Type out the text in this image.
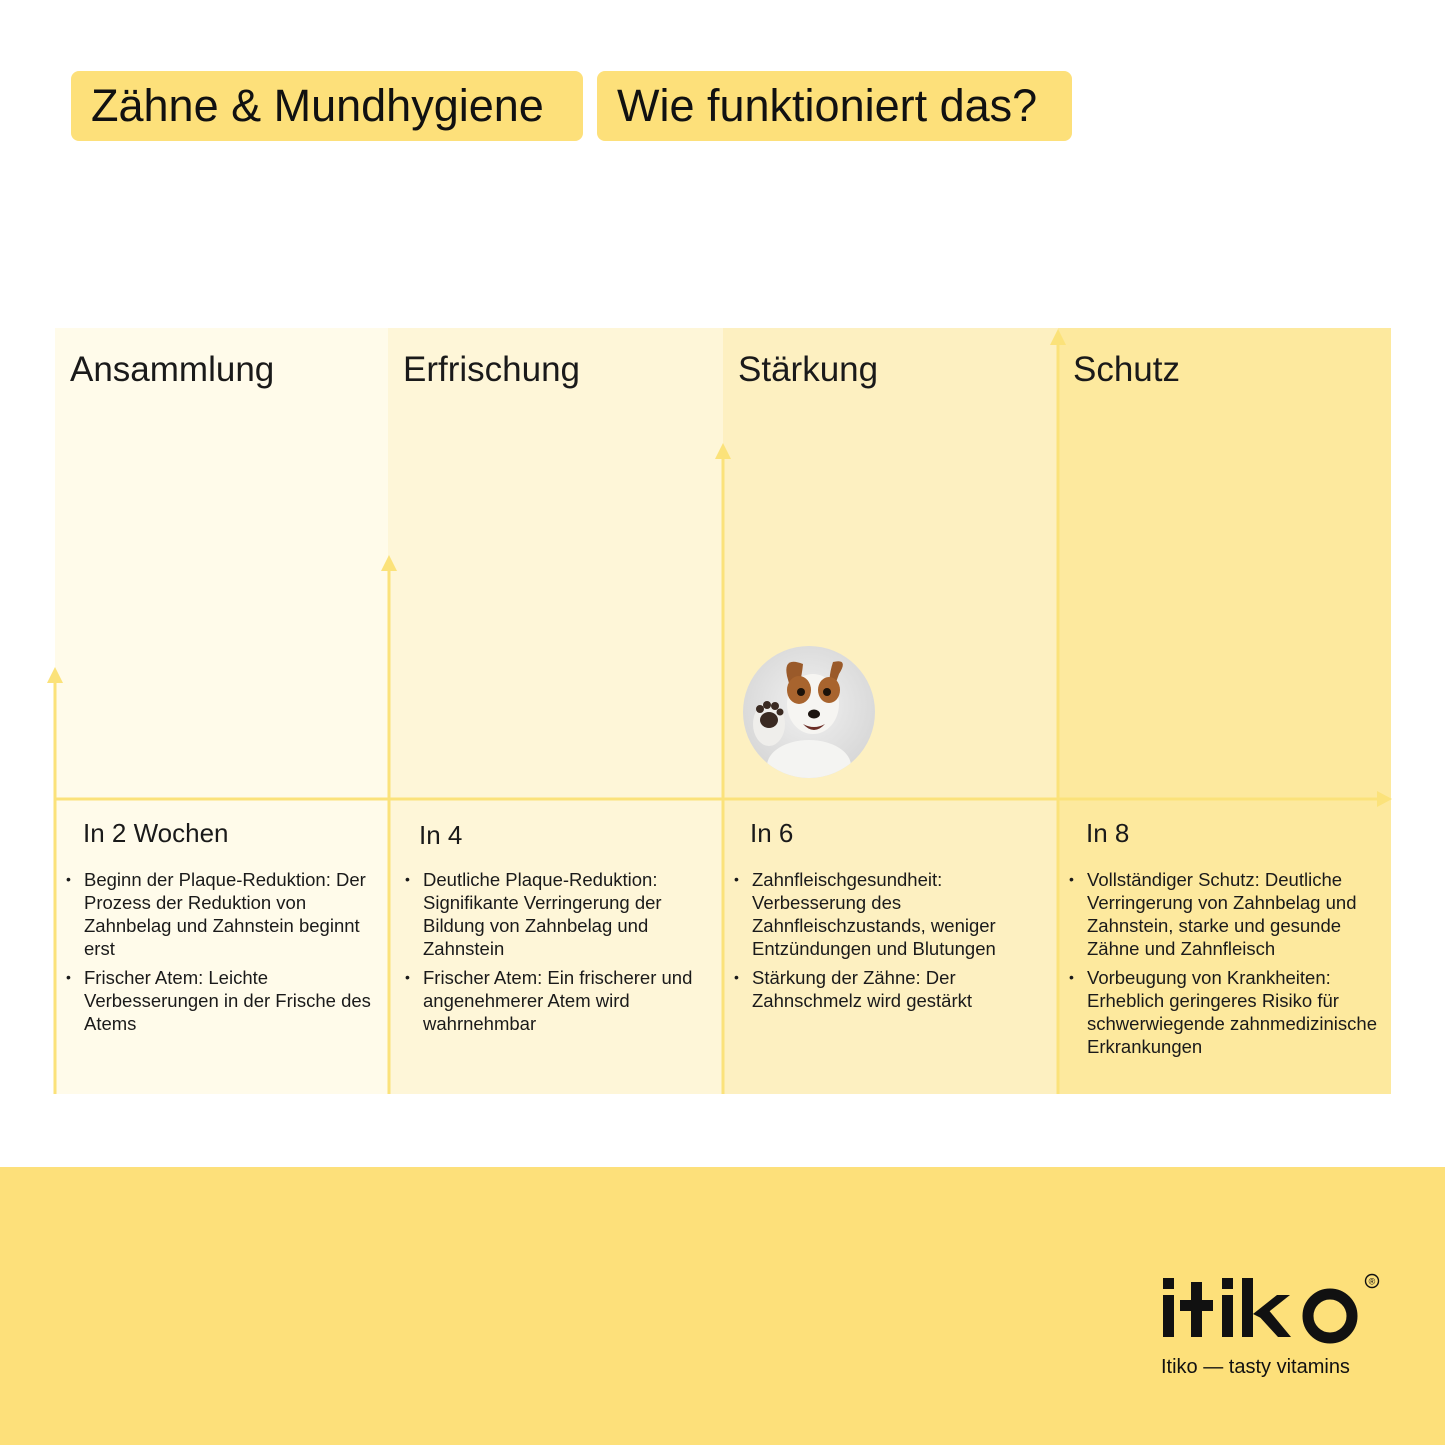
Zähne & Mundhygiene	Wie funktioniert das?
Ansammlung
In 2 Wochen
• Beginn der Plaque-Reduktion: Der Prozess der Reduktion von Zahnbelag und Zahnstein beginnt erst
• Frischer Atem: Leichte Verbesserungen in der Frische des Atems
Erfrischung
In 4
• Deutliche Plaque-Reduktion: Signifikante Verringerung der Bildung von Zahnbelag und Zahnstein
• Frischer Atem: Ein frischerer und angenehmerer Atem wird wahrnehmbar
Stärkung
In 6
• Zahnfleischgesundheit: Verbesserung des Zahnfleischzustands, weniger Entzündungen und Blutungen
• Stärkung der Zähne: Der Zahnschmelz wird gestärkt
Schutz
In 8
• Vollständiger Schutz: Deutliche Verringerung von Zahnbelag und Zahnstein, starke und gesunde Zähne und Zahnfleisch
• Vorbeugung von Krankheiten: Erheblich geringeres Risiko für schwerwiegende zahnmedizinische Erkrankungen
®
Itiko — tasty vitamins
